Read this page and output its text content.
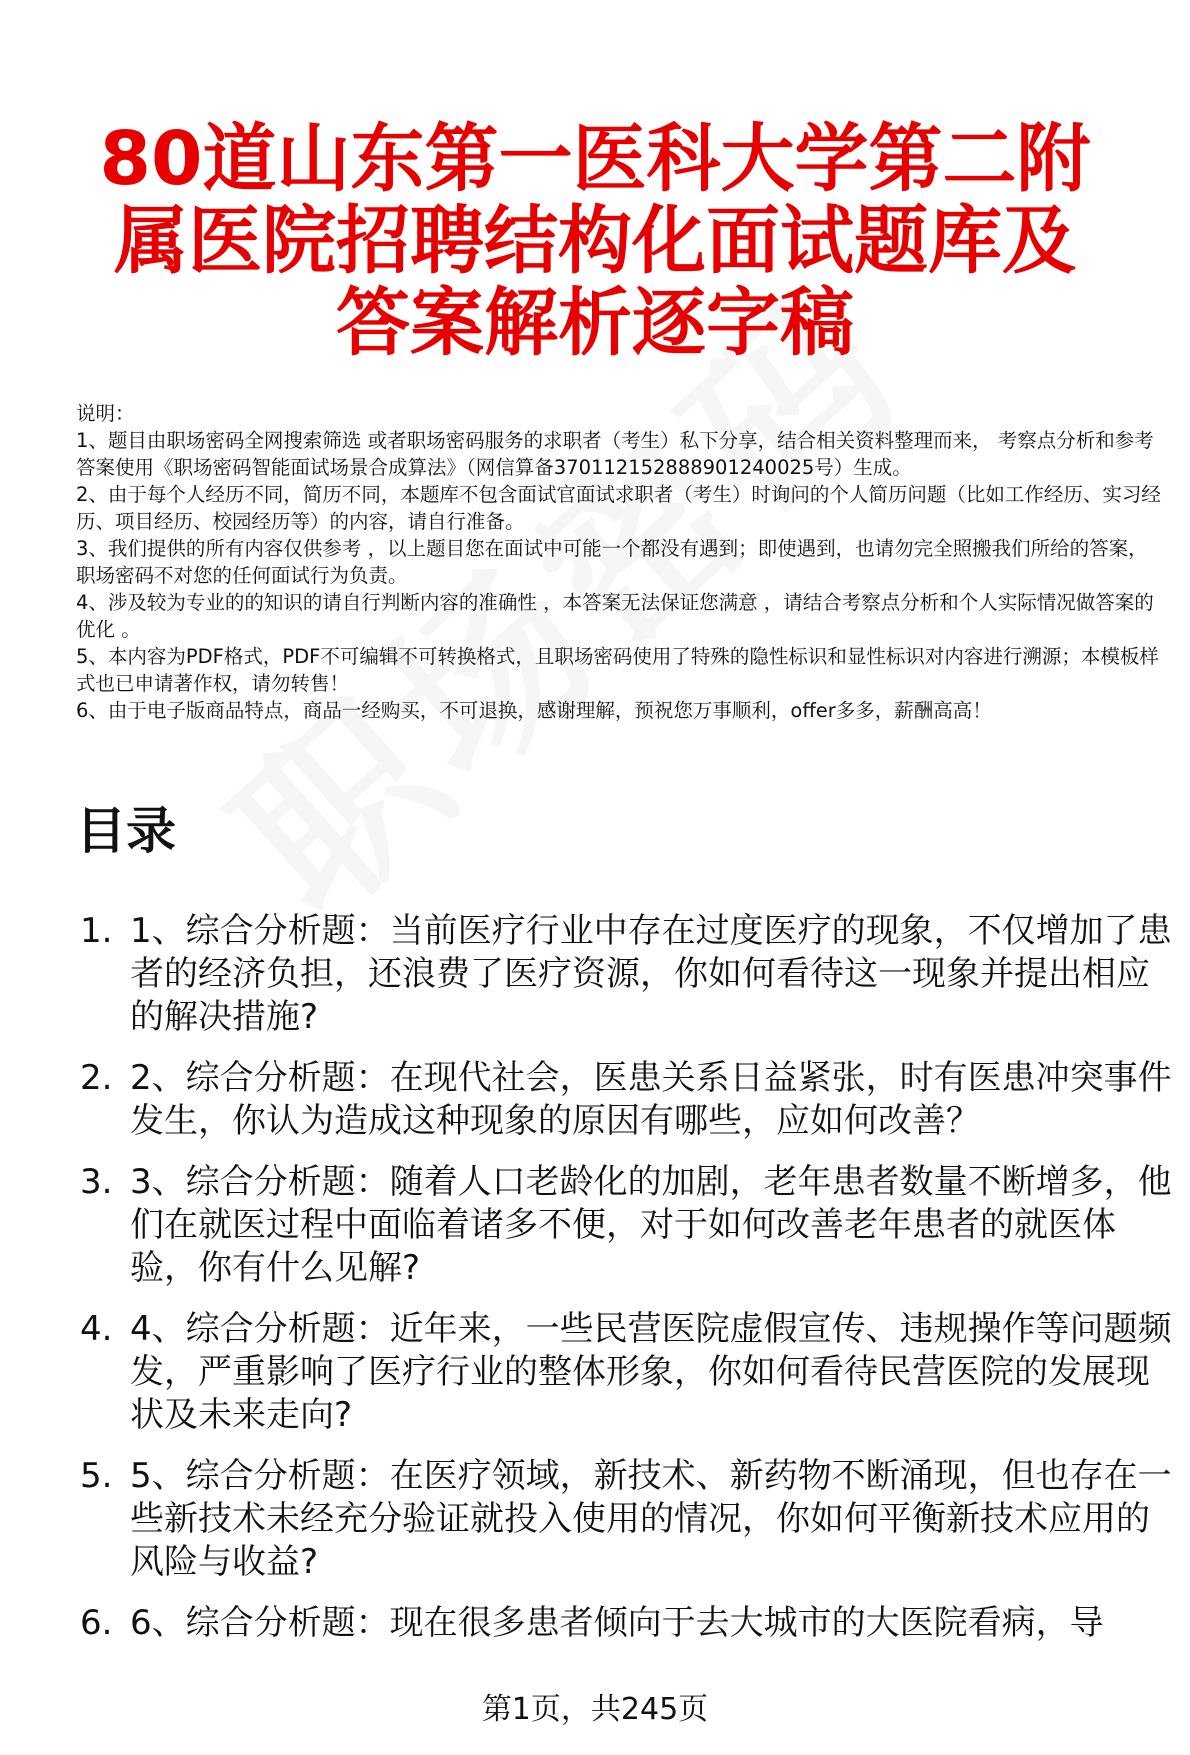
80道山东第一医科大学第二附属医院招聘结构化面试题库及答案解析逐字稿

说明：

1、题目由职场密码全网搜索筛选 或者职场密码服务的求职者（考生）私下分享，结合相关资料整理而来， 考察点分析和参考答案使用《职场密码智能面试场景合成算法》（网信算备370112152888901240025号）生成。

2、由于每个人经历不同，简历不同，本题库不包含面试官面试求职者（考生）时询问的个人简历问题（比如工作经历、实习经历、项目经历、校园经历等）的内容，请自行准备。

3、我们提供的所有内容仅供参考 ，以上题目您在面试中可能一个都没有遇到；即使遇到，也请勿完全照搬我们所给的答案，职场密码不对您的任何面试行为负责。

4、涉及较为专业的的知识的请自行判断内容的准确性 ，本答案无法保证您满意 ，请结合考察点分析和个人实际情况做答案的优化 。

5、本内容为PDF格式，PDF不可编辑不可转换格式，且职场密码使用了特殊的隐性标识和显性标识对内容进行溯源；本模板样式也已申请著作权，请勿转售！

6、由于电子版商品特点，商品一经购买，不可退换，感谢理解，预祝您万事顺利，offer多多，薪酬高高！

目录
1. 1、综合分析题：当前医疗行业中存在过度医疗的现象，不仅增加了患者的经济负担，还浪费了医疗资源，你如何看待这一现象并提出相应的解决措施?
2. 2、综合分析题：在现代社会，医患关系日益紧张，时有医患冲突事件发生，你认为造成这种现象的原因有哪些，应如何改善？
3. 3、综合分析题：随着人口老龄化的加剧，老年患者数量不断增多，他们在就医过程中面临着诸多不便，对于如何改善老年患者的就医体验，你有什么见解?
4. 4、综合分析题：近年来，一些民营医院虚假宣传、违规操作等问题频发，严重影响了医疗行业的整体形象，你如何看待民营医院的发展现状及未来走向?
5. 5、综合分析题：在医疗领域，新技术、新药物不断涌现，但也存在一些新技术未经充分验证就投入使用的情况，你如何平衡新技术应用的风险与收益?
6. 6、综合分析题：现在很多患者倾向于去大城市的大医院看病，导
第1页，共245页
